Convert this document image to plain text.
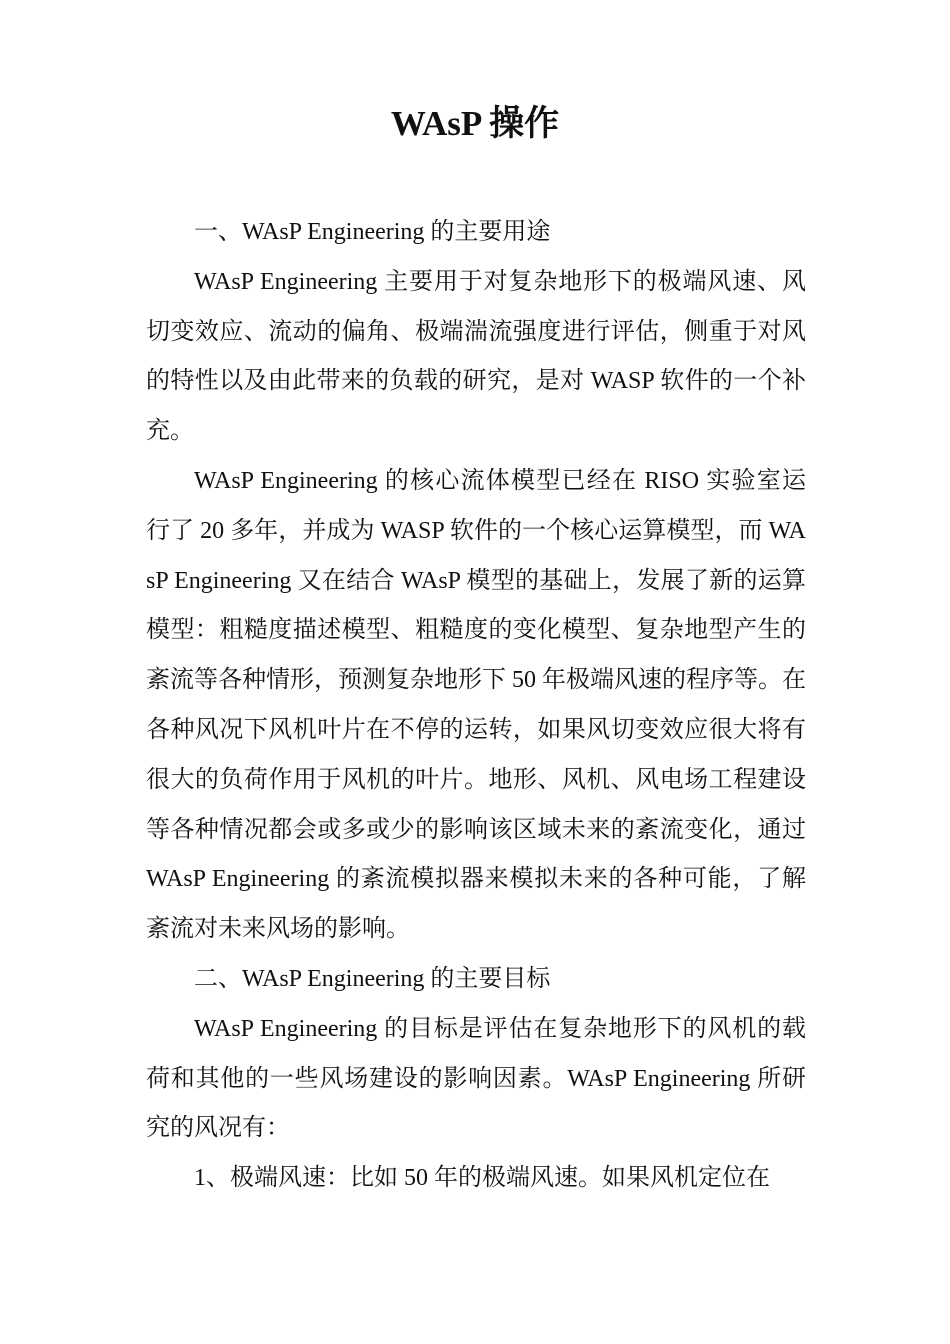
WAsP 操作

一、WAsP Engineering 的主要用途

WAsP Engineering 主要用于对复杂地形下的极端风速、风切变效应、流动的偏角、极端湍流强度进行评估，侧重于对风的特性以及由此带来的负载的研究，是对 WASP 软件的一个补充。

WAsP Engineering 的核心流体模型已经在 RISO 实验室运行了 20 多年，并成为 WASP 软件的一个核心运算模型，而 WAsP Engineering 又在结合 WAsP 模型的基础上，发展了新的运算模型：粗糙度描述模型、粗糙度的变化模型、复杂地型产生的紊流等各种情形，预测复杂地形下 50 年极端风速的程序等。在各种风况下风机叶片在不停的运转，如果风切变效应很大将有很大的负荷作用于风机的叶片。地形、风机、风电场工程建设等各种情况都会或多或少的影响该区域未来的紊流变化，通过 WAsP Engineering 的紊流模拟器来模拟未来的各种可能，了解紊流对未来风场的影响。

二、WAsP Engineering 的主要目标

WAsP Engineering 的目标是评估在复杂地形下的风机的载荷和其他的一些风场建设的影响因素。WAsP Engineering 所研究的风况有：

1、极端风速：比如 50 年的极端风速。如果风机定位在
